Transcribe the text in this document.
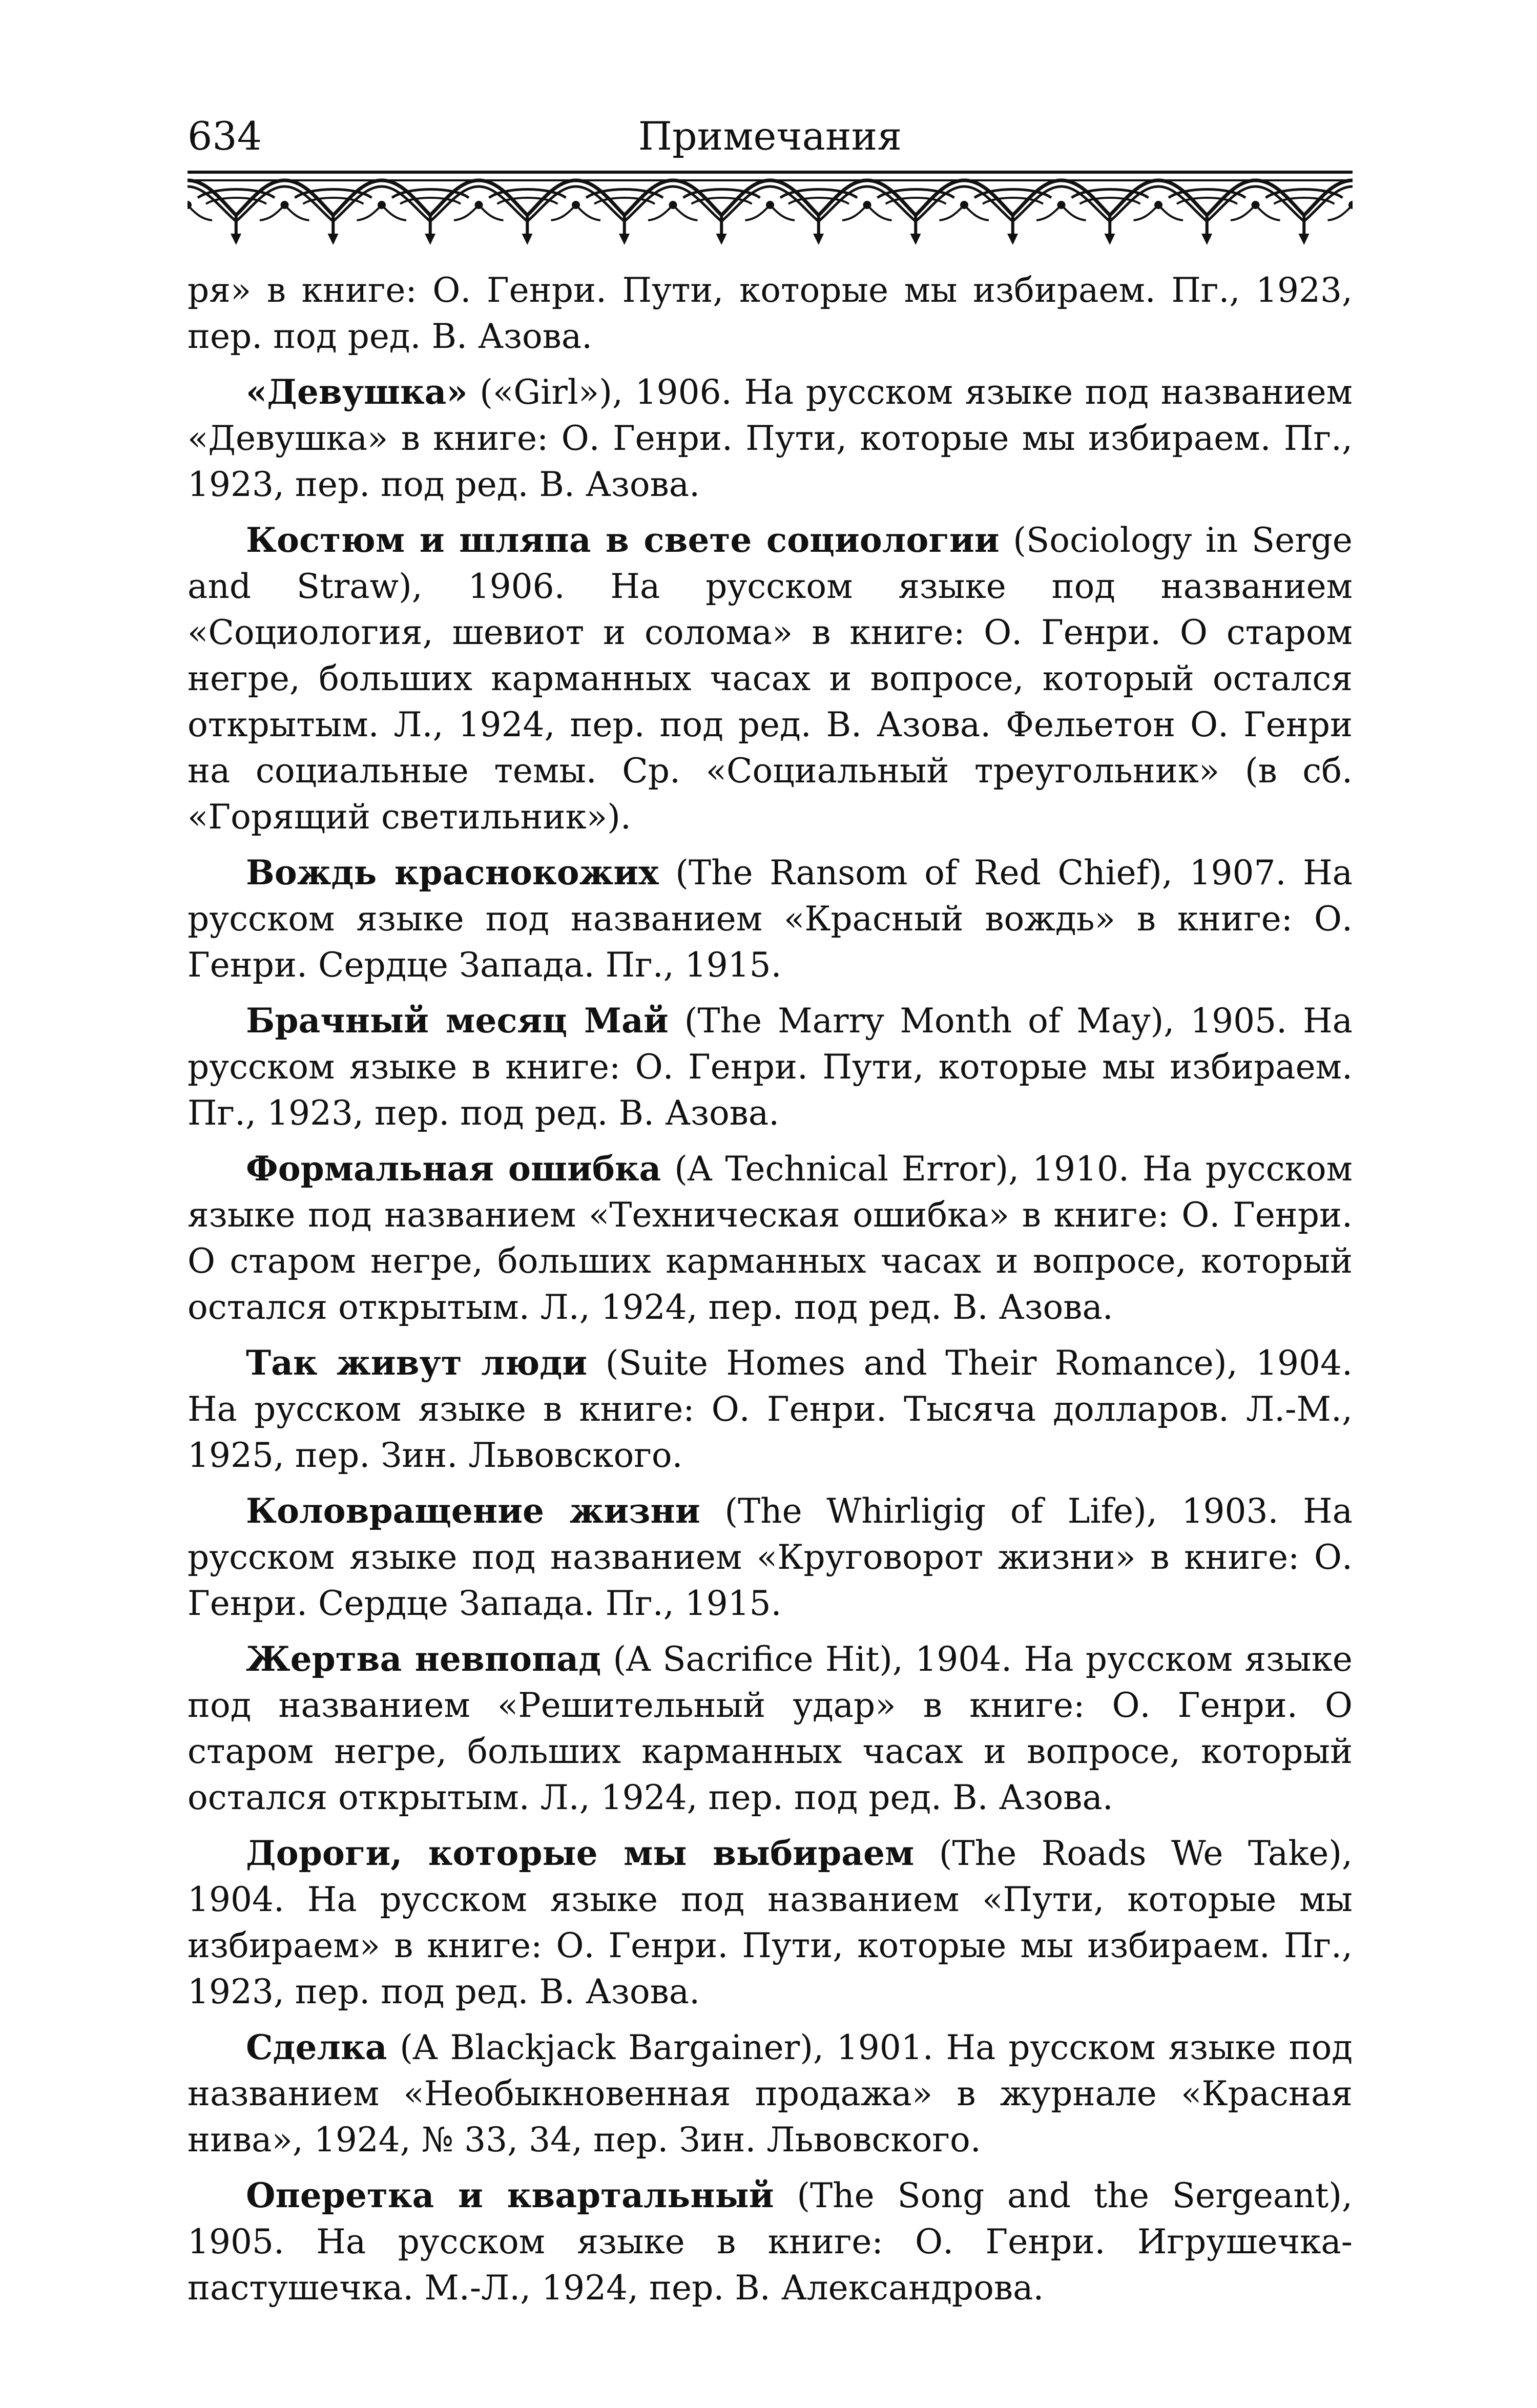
634	Примечания

ря» в книге: О. Генри. Пути, которые мы избираем. Пг., 1923, пер. под ред. В. Азова.

«Девушка» («Girl»), 1906. На русском языке под названием «Девушка» в книге: О. Генри. Пути, которые мы избираем. Пг., 1923, пер. под ред. В. Азова.

Костюм и шляпа в свете социологии (Sociology in Serge and Straw), 1906. На русском языке под названием «Социология, шевиот и солома» в книге: О. Генри. О старом негре, больших карманных часах и вопросе, который остался открытым. Л., 1924, пер. под ред. В. Азова. Фельетон О. Генри на социальные темы. Ср. «Социальный треугольник» (в сб. «Горящий светильник»).

Вождь краснокожих (The Ransom of Red Chief), 1907. На русском языке под названием «Красный вождь» в книге: О. Генри. Сердце Запада. Пг., 1915.

Брачный месяц Май (The Marry Month of May), 1905. На русском языке в книге: О. Генри. Пути, которые мы избираем. Пг., 1923, пер. под ред. В. Азова.

Формальная ошибка (A Technical Error), 1910. На русском языке под названием «Техническая ошибка» в книге: О. Генри. О старом негре, больших карманных часах и вопросе, который остался открытым. Л., 1924, пер. под ред. В. Азова.

Так живут люди (Suite Homes and Their Romance), 1904. На русском языке в книге: О. Генри. Тысяча долларов. Л.-М., 1925, пер. Зин. Львовского.

Коловращение жизни (The Whirligig of Life), 1903. На русском языке под названием «Круговорот жизни» в книге: О. Генри. Сердце Запада. Пг., 1915.

Жертва невпопад (A Sacrifice Hit), 1904. На русском языке под названием «Решительный удар» в книге: О. Генри. О старом негре, больших карманных часах и вопросе, который остался открытым. Л., 1924, пер. под ред. В. Азова.

Дороги, которые мы выбираем (The Roads We Take), 1904. На русском языке под названием «Пути, которые мы избираем» в книге: О. Генри. Пути, которые мы избираем. Пг., 1923, пер. под ред. В. Азова.

Сделка (A Blackjack Bargainer), 1901. На русском языке под названием «Необыкновенная продажа» в журнале «Красная нива», 1924, № 33, 34, пер. Зин. Львовского.

Оперетка и квартальный (The Song and the Sergeant), 1905. На русском языке в книге: О. Генри. Игрушечка-пастушечка. М.-Л., 1924, пер. В. Александрова.
